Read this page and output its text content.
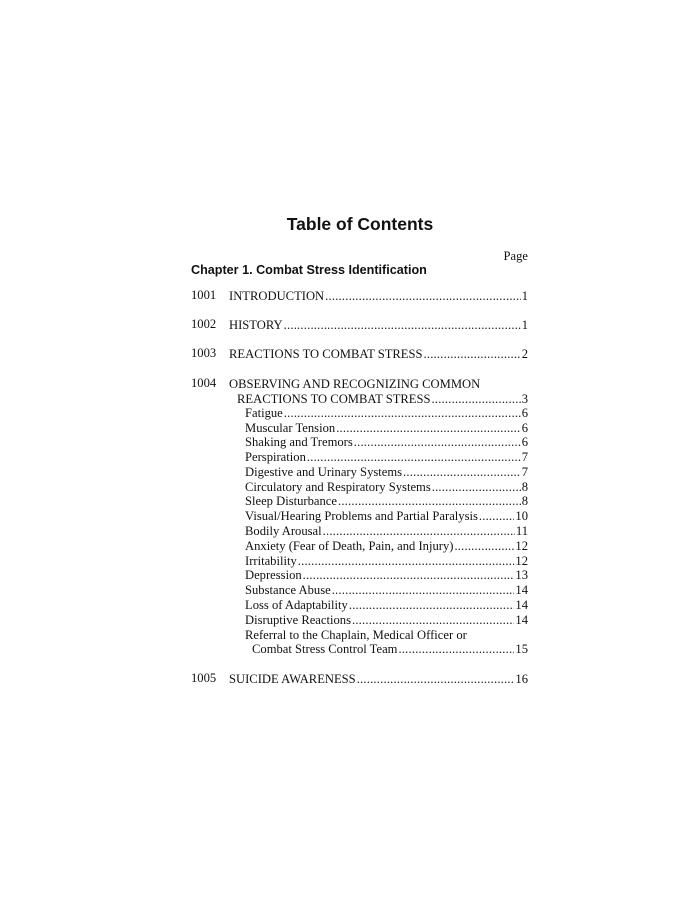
Table of Contents
Page
Chapter 1. Combat Stress Identification
1001 INTRODUCTION .....	1
1002 HISTORY .....	1
1003 REACTIONS TO COMBAT STRESS .....	2
1004 OBSERVING AND RECOGNIZING COMMON
REACTIONS TO COMBAT STRESS .....	3
Fatigue .....	6
Muscular Tension .....	6
Shaking and Tremors .....	6
Perspiration .....	7
Digestive and Urinary Systems .....	7
Circulatory and Respiratory Systems .....	8
Sleep Disturbance .....	8
Visual/Hearing Problems and Partial Paralysis .....	10
Bodily Arousal .....	11
Anxiety (Fear of Death, Pain, and Injury) .....	12
Irritability .....	12
Depression .....	13
Substance Abuse .....	14
Loss of Adaptability .....	14
Disruptive Reactions .....	14
Referral to the Chaplain, Medical Officer or
Combat Stress Control Team .....	15
1005 SUICIDE AWARENESS .....	16
